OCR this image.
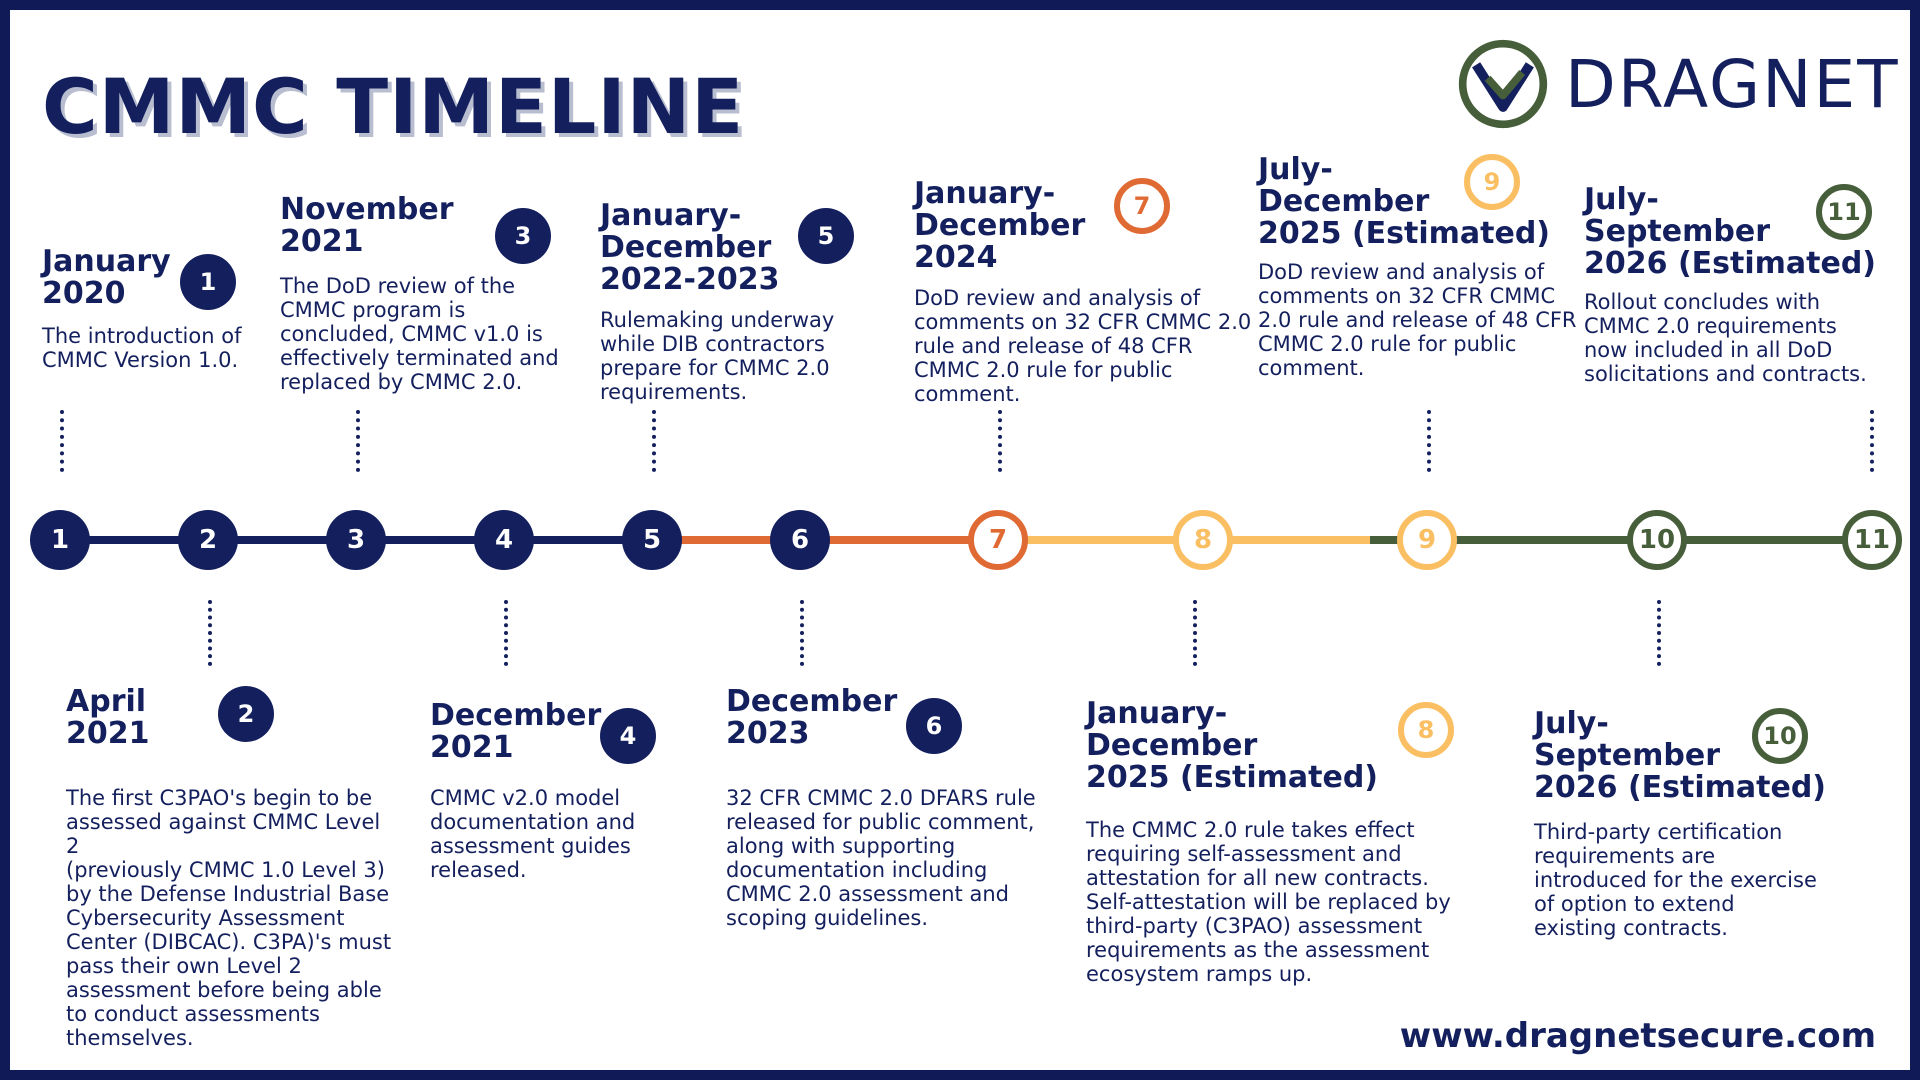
CMMC TIMELINE	DRAGNET
1	2	3	4	5	6	7	8	9	10	11
January
2020	1
The introduction of
CMMC Version 1.0.
April
2021
2
The first C3PAO's begin to be
assessed against CMMC Level 2
(previously CMMC 1.0 Level 3)
by the Defense Industrial Base
Cybersecurity Assessment
Center (DIBCAC). C3PA)'s must
pass their own Level 2
assessment before being able
to conduct assessments
themselves.
November
2021	3
The DoD review of the
CMMC program is
concluded, CMMC v1.0 is
effectively terminated and
replaced by CMMC 2.0.
December
2021	4
CMMC v2.0 model
documentation and
assessment guides
released.
January-
December
2022-2023
5
Rulemaking underway
while DIB contractors
prepare for CMMC 2.0
requirements.
December
2023	6
32 CFR CMMC 2.0 DFARS rule
released for public comment,
along with supporting
documentation including
CMMC 2.0 assessment and
scoping guidelines.
January-
December
2024
7
DoD review and analysis of
comments on 32 CFR CMMC 2.0
rule and release of 48 CFR
CMMC 2.0 rule for public
comment.
January-
December
2025 (Estimated)
8
The CMMC 2.0 rule takes effect
requiring self-assessment and
attestation for all new contracts.
Self-attestation will be replaced by
third-party (C3PAO) assessment
requirements as the assessment
ecosystem ramps up.
July-
December
2025 (Estimated)
9
DoD review and analysis of
comments on 32 CFR CMMC
2.0 rule and release of 48 CFR
CMMC 2.0 rule for public
comment.
July-
September
2026 (Estimated)
10
Third-party certification
requirements are
introduced for the exercise
of option to extend
existing contracts.
July-
September
2026 (Estimated)
11
Rollout concludes with
CMMC 2.0 requirements
now included in all DoD
solicitations and contracts.
www.dragnetsecure.com
